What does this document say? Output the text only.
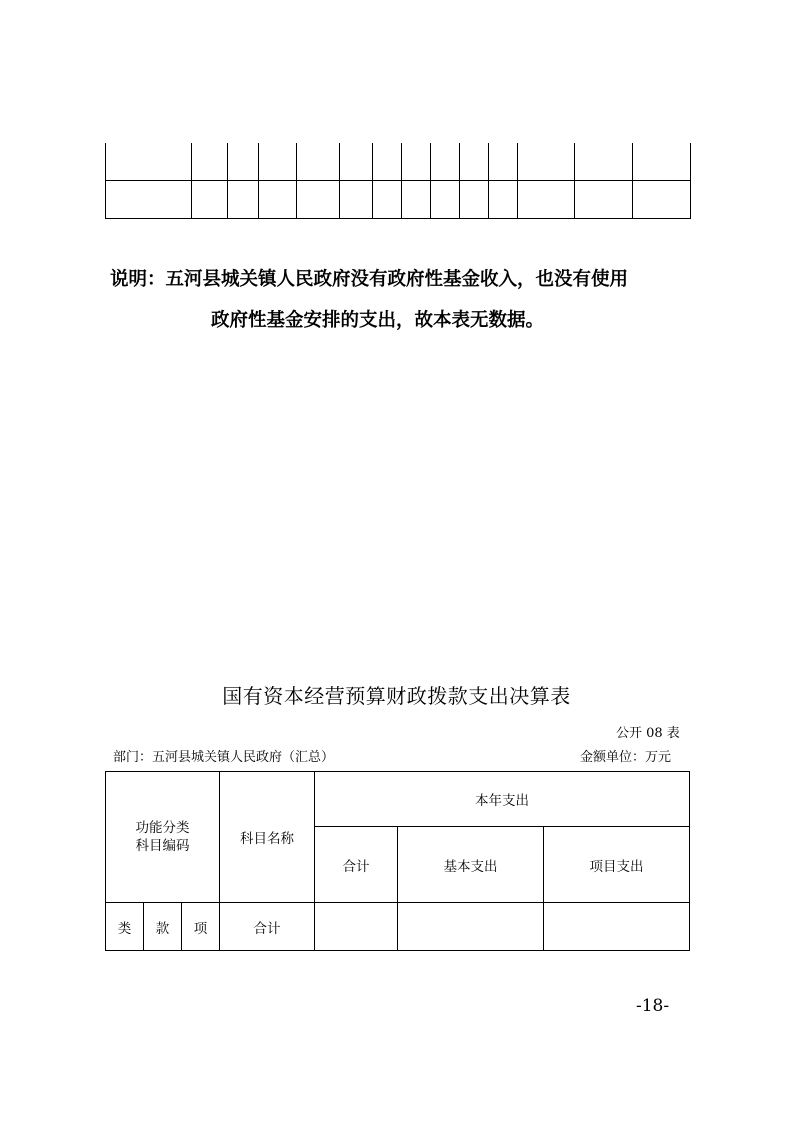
说明：五河县城关镇人民政府没有政府性基金收入，也没有使用
政府性基金安排的支出，故本表无数据。
国有资本经营预算财政拨款支出决算表
公开 08 表
部门：五河县城关镇人民政府（汇总）	金额单位：万元
功能分类
科目编码			科目名称	本年支出		
				合计	基本支出	项目支出
类	款	项	合计			
-18-
